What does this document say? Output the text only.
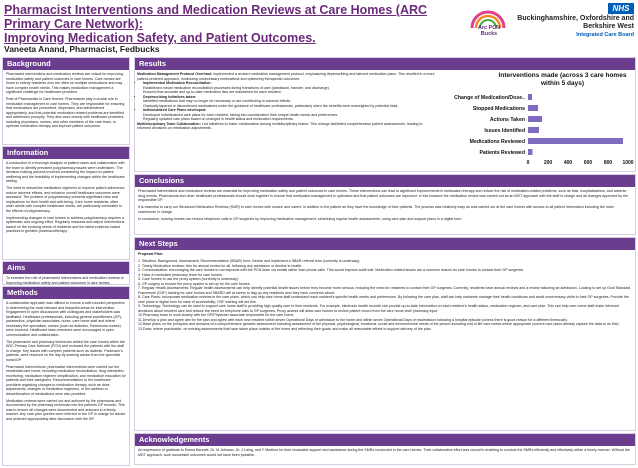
Pharmacist Interventions and Medication Reviews at Care Homes (ARC Primary Care Network):
Improving Medication Safety, and Patient Outcomes.
Vaneeta Anand, Pharmacist, Fedbucks
Arc PCN Bucks
NHS
Buckinghamshire, Oxfordshire and Berkshire West
Integrated Care Board
Background

Pharmacist interventions and medication reviews are critical for improving medication safety and patient outcomes in care homes. Care homes are home to elderly residents who are often on multiple medications and may have complex health needs. This makes medication management a significant challenge for healthcare providers.

Role of Pharmacists in Care Homes: Pharmacists play a crucial role in medication management in care homes. They are responsible for ensuring that medications are prescribed, dispensed, and administered appropriately, and that potential medication-related problems are identified and addressed promptly. They also work closely with healthcare providers, including physicians, nurses, and other members of the care team, to optimize medication therapy and improve patient outcomes.

Information

A conduction of a thorough analysis of patient cases and collaboration with the team to identify prevalent polypharmacy issues were undertaken. The decision-making process involved considering the impact on patient wellbeing and the feasibility of implementing changes within the healthcare setting.

The need to streamline medication regimens to improve patient adherence, reduce adverse effects, and enhance overall healthcare outcomes were assessed. The problem of polypharmacy presents significant risks and implications for their health and well-being. Care home residents, often older adults with complex healthcare needs, are particularly vulnerable to the effects of polypharmacy.

Implementing changes in care homes to address polypharmacy requires a systematic and ongoing effort. Regularly reassess and adjust interventions based on the evolving needs of residents and the latest evidence-based practices in geriatric pharmacotherapy.

Aims

To examine the role of pharmacist interventions and medication reviews in improving medication safety and patient outcomes in care homes.

Methods

A collaborative approach was utilised to ensure a well-rounded perspective in determining the most relevant and impactful areas for intervention. Engagement in open discussions with colleagues and stakeholders was facilitated. Healthcare professionals, including general practitioners (GP), paramedics, physician associates, nurse, care home staff and where necessary the specialists, nurses (such as diabetes, Parkinsons nurses) were involved. Healthcare team members were encouraged in open communication and collaboration.

The pharmacist and pharmacy technician visited the care homes within the ARC Primary Care Network (PCN) and reviewed the patients with the staff in charge. Key issues with complex patients such as diabetic, Parkinson's patients, were resolved on the day by seeking advice from the specialist nurse/GP.

Pharmacist Interventions: pharmacist interventions were carried out the residential care home, including medication reconciliation, drug interaction monitoring, medication regimen simplification, and medication education for patients and their caregivers. Recommendations to the healthcare providers regarding changes in medication therapy, such as dose adjustments, changes in medication regimens, or the addition or discontinuation of medications were also provided.

Medication reviews were carried out and actioned by the pharmacist and documented by the pharmacy technician into the patients GP records. This was to ensure all changes were documented and actioned in a timely manner. Any care plan queries were referred to the GP in charge for advice and actioned appropriately after discussion with the GP.

Results

Medication Management Protocol Overhaul: Implemented a revised medication management protocol, emphasizing deprescribing and tailored medication plans. This resulted in a more patient-centered approach, minimizing unnecessary medications and optimizing therapeutic outcomes.

• Implemented Medication Reconciliation:
Established robust medication reconciliation processes during transitions of care (admission, transfer, and discharge).
Ensured that accurate and up-to-date medication lists are maintained for each resident.
• Deprescribing Initiatives taken:
Identified medications that may no longer be necessary or are contributing to adverse effects.
Gradually tapered or discontinued medications under the guidance of healthcare professionals, particularly when the benefits were outweighed by potential risks.
• Individualized Care Plans developed:
Developed individualized care plans for each resident, taking into consideration their unique health needs and preferences.
Regularly updated care plans based on changes in health status and medication requirements.

Multidisciplinary Team Collaboration: Led initiatives to foster collaboration among multidisciplinary teams. This change facilitated comprehensive patient assessments, leading to informed decisions on medication adjustments.

Interventions made (across 3 care homes within 5 days)
Change of Medication/Dose..
Stopped Medications
Actions Taken
Issues Identified
Medications Reviewed
Patients Reviewed
0	200 400 600 800 1000
Conclusions

Pharmacist interventions and medication reviews are essential for improving medication safety and patient outcomes in care homes. These interventions can lead to significant improvements in medication therapy and reduce the risk of medication-related problems, such as falls, hospitalizations, and adverse drug events. Pharmacists and other healthcare professionals should work together to ensure that medication management is optimized and that patient outcomes are improved. In this instance the medication review was carried out as an MDT approach with the staff in charge and all changes approved by the responsible GP.

It is essential to carry our Structured Medication Reviews (SMR) in care homes with nurses' and carers' in addition to the patient as they have the knowledge of their patients. The process was relatively easy as was carried out at the care homes with access to all patient information including the main carer/nurse in charge.

In conclusion, nursing homes can reduce telephone calls to GP surgeries by improving medication management, scheduling regular health assessments, using care plan and support plans in a digital form.

Next Steps

Proposal Plan:

1. Situation, Background, Assessment, Recommendation (SBAR) form; Devise and implement a SBAR referral form (currently is underway).
2. Timely Medication reviews: Aim for annual review for all, following any admission or decline in health.
3. Communication: encouraging the care homes to corresponds with the PCN team via emails rather than phone calls. This would improve audit trail. Medication related issues are a common reason for care homes to contact their GP surgeries.
4. Have a nominated pharmacy team for care homes.
5. Care homes to use the proxy system (currently is underway).
6. GP surgery to ensure the proxy system is set up for the care homes.
7. Regular Health Assessments: Regular health assessments can help identify potential health issues before they become more serious, reducing the need for residents to contact their GP surgeries. Currently, residents have annual reviews and a review following an admission. Looking to set up Gold Standard Framework (GSF) training for care homes and SBARD will at carers to flag up any residents who they have concerns about.
8. Care Plans: Incorporate medication reviews in the care plans, which can help care home staff understand each resident's specific health needs and preferences. By following the care plan, staff can help residents manage their health conditions and avoid unnecessary visits to their GP surgeries. Provide the care plans in digital form for ease of accessibility; GSF training will aid this.
9. Technology: Technology can be used to support care home staff in providing high-quality care to their residents. For example, electronic health records can provide up-to-date information on each resident's health status, medication regimen, and care plan. This can help care home staff make informed decisions about resident care and reduce the need for telephone calls to GP surgeries. Proxy access will allow care homes to review patient record from the care home visit/ pharmacy input
10.Pharmacy team to work closely with the GP/Physician associate responsible for the care home.
11.Develop a plan and agree aim for the plan and agree with each new resident within seven Operational Days of admission to the home and within seven Operational Days of readmission following a hospital episode (unless there is good reason for a different timescale).
12.Base plans on the principles and domains of a comprehensive geriatric assessment including assessment of the physical, psychological, functional, social and environmental needs of the person including end of life care needs where appropriate (current care plans already capture the data to do this)
13.Draw, where practicable, on existing assessments that have taken place outside of the home and reflecting their goals; and make all reasonable efforts to support delivery of the plan.
Acknowledgements

An expression of gratitude to Emma Bennett, Dr. M Johnson, Dr. J Laing, and Y Mudhoo for their invaluable support and assistance during the SMRs conducted in the care homes. Their collaborative effort was crucial in enabling to conduct the SMRs efficiently and effectively within a timely manner. Without the MDT approach, such successful outcomes would not have been possible.
